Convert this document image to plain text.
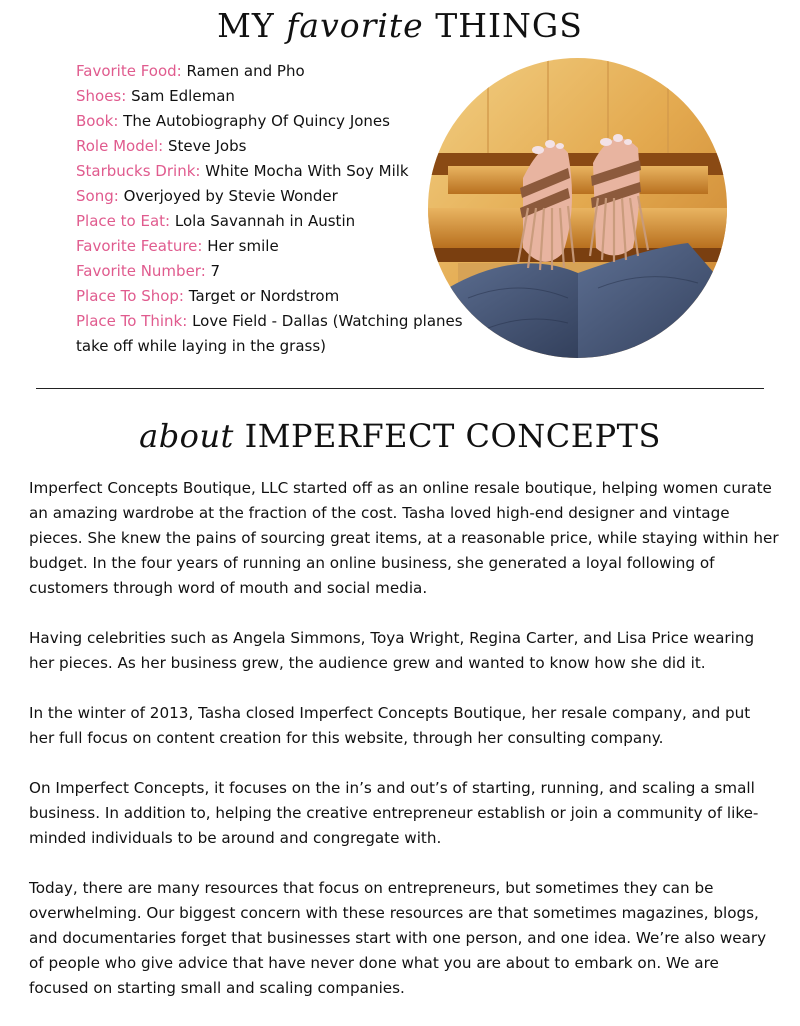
MY favorite THINGS
Favorite Food: Ramen and Pho
Shoes: Sam Edleman
Book: The Autobiography Of Quincy Jones
Role Model: Steve Jobs
Starbucks Drink: White Mocha With Soy Milk
Song: Overjoyed by Stevie Wonder
Place to Eat: Lola Savannah in Austin
Favorite Feature: Her smile
Favorite Number: 7
Place To Shop: Target or Nordstrom
Place To Think: Love Field - Dallas (Watching planes take off while laying in the grass)
about IMPERFECT CONCEPTS

Imperfect Concepts Boutique, LLC started off as an online resale boutique, helping women curate an amazing wardrobe at the fraction of the cost. Tasha loved high-end designer and vintage pieces. She knew the pains of sourcing great items, at a reasonable price, while staying within her budget. In the four years of running an online business, she generated a loyal following of customers through word of mouth and social media.

Having celebrities such as Angela Simmons, Toya Wright, Regina Carter, and Lisa Price wearing her pieces. As her business grew, the audience grew and wanted to know how she did it.

In the winter of 2013, Tasha closed Imperfect Concepts Boutique, her resale company, and put her full focus on content creation for this website, through her consulting company.

On Imperfect Concepts, it focuses on the in’s and out’s of starting, running, and scaling a small business. In addition to, helping the creative entrepreneur establish or join a community of like-minded individuals to be around and congregate with.

Today, there are many resources that focus on entrepreneurs, but sometimes they can be overwhelming. Our biggest concern with these resources are that sometimes magazines, blogs, and documentaries forget that businesses start with one person, and one idea. We’re also weary of people who give advice that have never done what you are about to embark on. We are focused on starting small and scaling companies.
